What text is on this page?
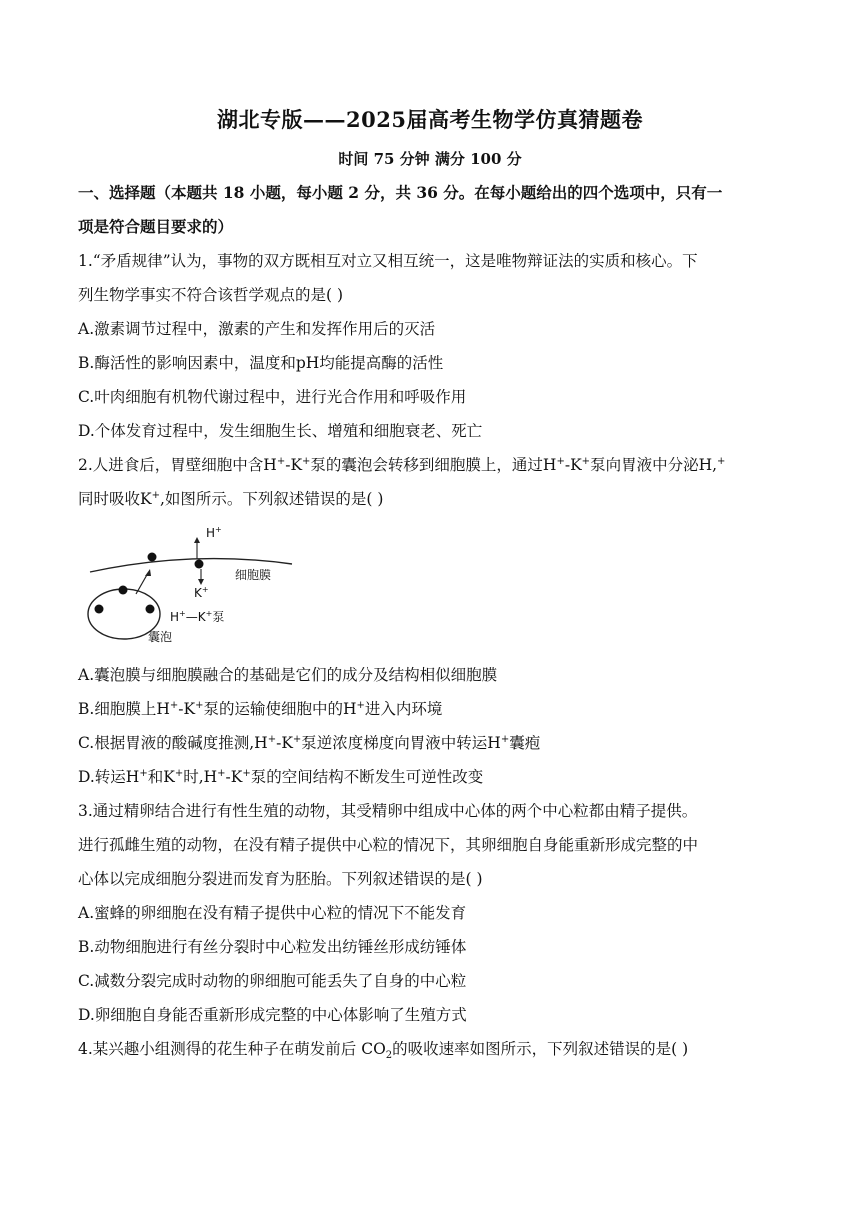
湖北专版——2025届高考生物学仿真猜题卷
时间 75 分钟 满分 100 分
一、选择题（本题共 18 小题，每小题 2 分，共 36 分。在每小题给出的四个选项中，只有一
项是符合题目要求的）
1.“矛盾规律”认为，事物的双方既相互对立又相互统一，这是唯物辩证法的实质和核心。下
列生物学事实不符合该哲学观点的是( )
A.激素调节过程中，激素的产生和发挥作用后的灭活
B.酶活性的影响因素中，温度和pH均能提高酶的活性
C.叶肉细胞有机物代谢过程中，进行光合作用和呼吸作用
D.个体发育过程中，发生细胞生长、增殖和细胞衰老、死亡
2.人进食后，胃壁细胞中含H+-K+泵的囊泡会转移到细胞膜上，通过H+-K+泵向胃液中分泌H,+
同时吸收K+,如图所示。下列叙述错误的是( )
H+
K+
细胞膜
H+—K+泵
囊泡
A.囊泡膜与细胞膜融合的基础是它们的成分及结构相似细胞膜
B.细胞膜上H+-K+泵的运输使细胞中的H+进入内环境
C.根据胃液的酸碱度推测,H+-K+泵逆浓度梯度向胃液中转运H+囊疱
D.转运H+和K+时,H+-K+泵的空间结构不断发生可逆性改变
3.通过精卵结合进行有性生殖的动物，其受精卵中组成中心体的两个中心粒都由精子提供。
进行孤雌生殖的动物，在没有精子提供中心粒的情况下，其卵细胞自身能重新形成完整的中
心体以完成细胞分裂进而发育为胚胎。下列叙述错误的是( )
A.蜜蜂的卵细胞在没有精子提供中心粒的情况下不能发育
B.动物细胞进行有丝分裂时中心粒发出纺锤丝形成纺锤体
C.减数分裂完成时动物的卵细胞可能丢失了自身的中心粒
D.卵细胞自身能否重新形成完整的中心体影响了生殖方式
4.某兴趣小组测得的花生种子在萌发前后 $CO_2$的吸收速率如图所示，下列叙述错误的是( )
